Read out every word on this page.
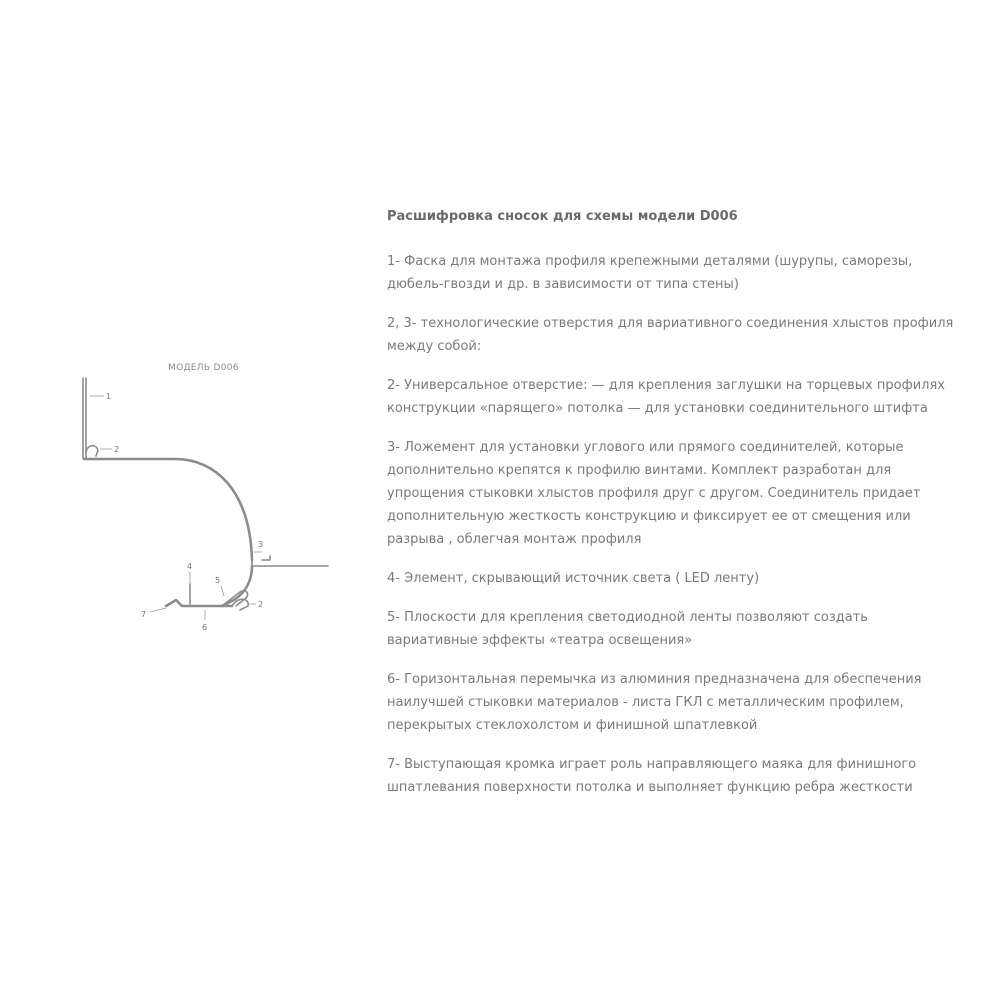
МОДЕЛЬ D006
1
2
3
4
5
2
7
6
Расшифровка сносок для схемы модели D006
1- Фаска для монтажа профиля крепежными деталями (шурупы, саморезы,
дюбель-гвозди и др. в зависимости от типа стены)
2, 3- технологические отверстия для вариативного соединения хлыстов профиля
между собой:
2- Универсальное отверстие: — для крепления заглушки на торцевых профилях
конструкции «парящего» потолка — для установки соединительного штифта
3- Ложемент для установки углового или прямого соединителей, которые
дополнительно крепятся к профилю винтами. Комплект разработан для
упрощения стыковки хлыстов профиля друг с другом. Соединитель придает
дополнительную жесткость конструкцию и фиксирует ее от смещения или
разрыва , облегчая монтаж профиля
4- Элемент, скрывающий источник света ( LED ленту)
5- Плоскости для крепления светодиодной ленты позволяют создать
вариативные эффекты «театра освещения»
6- Горизонтальная перемычка из алюминия предназначена для обеспечения
наилучшей стыковки материалов - листа ГКЛ с металлическим профилем,
перекрытых стеклохолстом и финишной шпатлевкой
7- Выступающая кромка играет роль направляющего маяка для финишного
шпатлевания поверхности потолка и выполняет функцию ребра жесткости
